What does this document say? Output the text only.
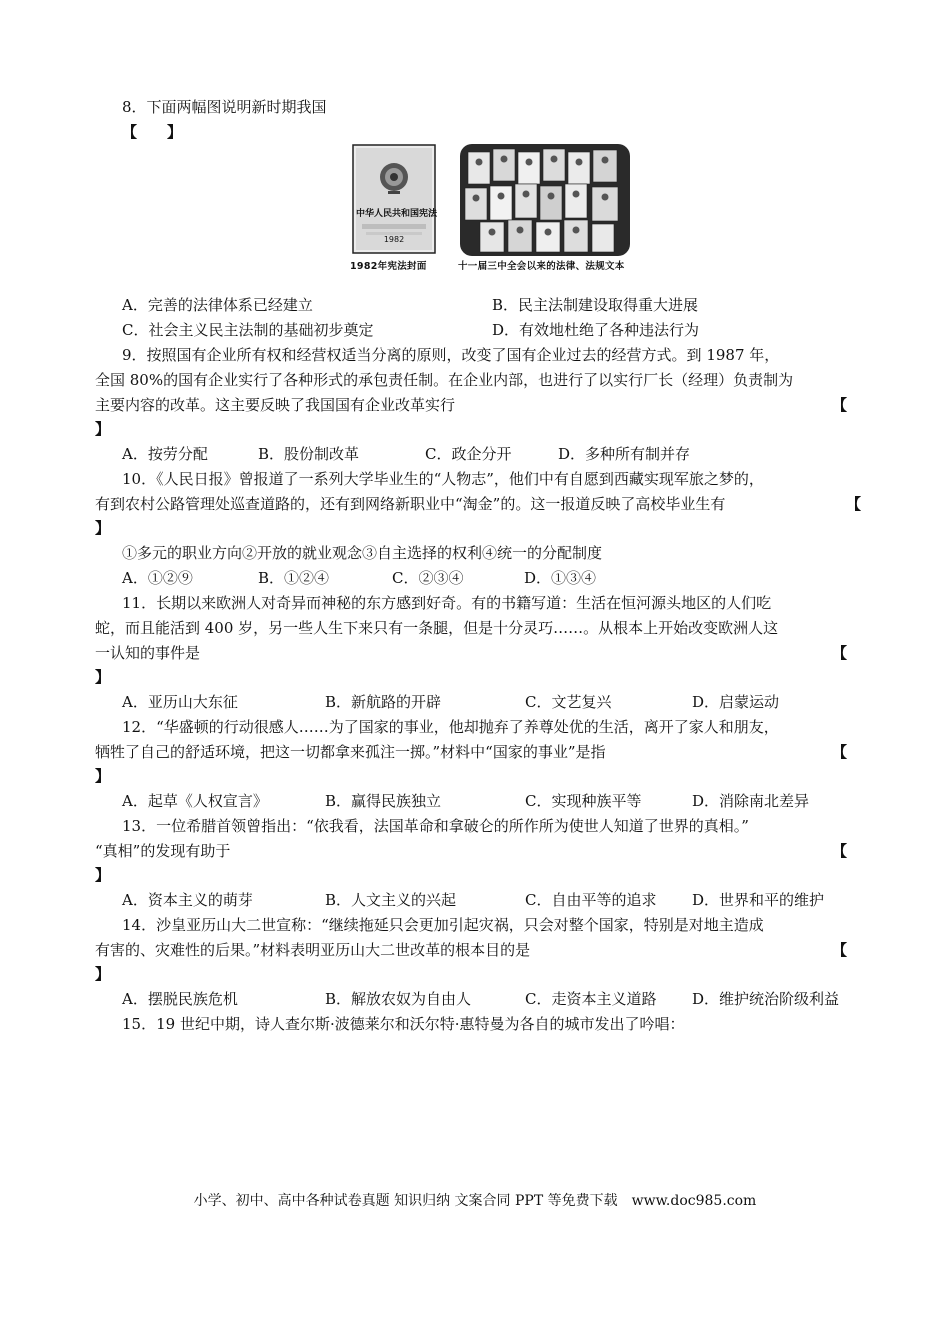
8．下面两幅图说明新时期我国
【　　】
中华人民共和国宪法
1982
1982年宪法封面	十一届三中全会以来的法律、法规文本
A．完善的法律体系已经建立	B．民主法制建设取得重大进展
C．社会主义民主法制的基础初步奠定	D．有效地杜绝了各种违法行为
9．按照国有企业所有权和经营权适当分离的原则，改变了国有企业过去的经营方式。到 1987 年，
全国 80%的国有企业实行了各种形式的承包责任制。在企业内部，也进行了以实行厂长（经理）负责制为
主要内容的改革。这主要反映了我国国有企业改革实行	【
】
A．按劳分配	B．股份制改革	C．政企分开	D．多种所有制并存
10．《人民日报》曾报道了一系列大学毕业生的“人物志”，他们中有自愿到西藏实现军旅之梦的，
有到农村公路管理处巡查道路的，还有到网络新职业中“淘金”的。这一报道反映了高校毕业生有	【
】
①多元的职业方向②开放的就业观念③自主选择的权利④统一的分配制度
A．①②⑨	B．①②④	C．②③④	D．①③④
11．长期以来欧洲人对奇异而神秘的东方感到好奇。有的书籍写道：生活在恒河源头地区的人们吃
蛇，而且能活到 400 岁，另一些人生下来只有一条腿，但是十分灵巧……。从根本上开始改变欧洲人这
一认知的事件是	【
】
A．亚历山大东征	B．新航路的开辟	C．文艺复兴	D．启蒙运动
12．“华盛顿的行动很感人……为了国家的事业，他却抛弃了养尊处优的生活，离开了家人和朋友，
牺牲了自己的舒适环境，把这一切都拿来孤注一掷。”材料中“国家的事业”是指	【
】
A．起草《人权宣言》	B．赢得民族独立	C．实现种族平等	D．消除南北差异
13．一位希腊首领曾指出：“依我看，法国革命和拿破仑的所作所为使世人知道了世界的真相。”
“真相”的发现有助于	【
】
A．资本主义的萌芽	B．人文主义的兴起	C．自由平等的追求 D．世界和平的维护
14．沙皇亚历山大二世宣称：“继续拖延只会更加引起灾祸，只会对整个国家，特别是对地主造成
有害的、灾难性的后果。”材料表明亚历山大二世改革的根本目的是	【
】
A．摆脱民族危机	B．解放农奴为自由人	C．走资本主义道路 D．维护统治阶级利益
15．19 世纪中期，诗人查尔斯·波德莱尔和沃尔特·惠特曼为各自的城市发出了吟唱：
小学、初中、高中各种试卷真题 知识归纳 文案合同 PPT 等免费下载　www.doc985.com
